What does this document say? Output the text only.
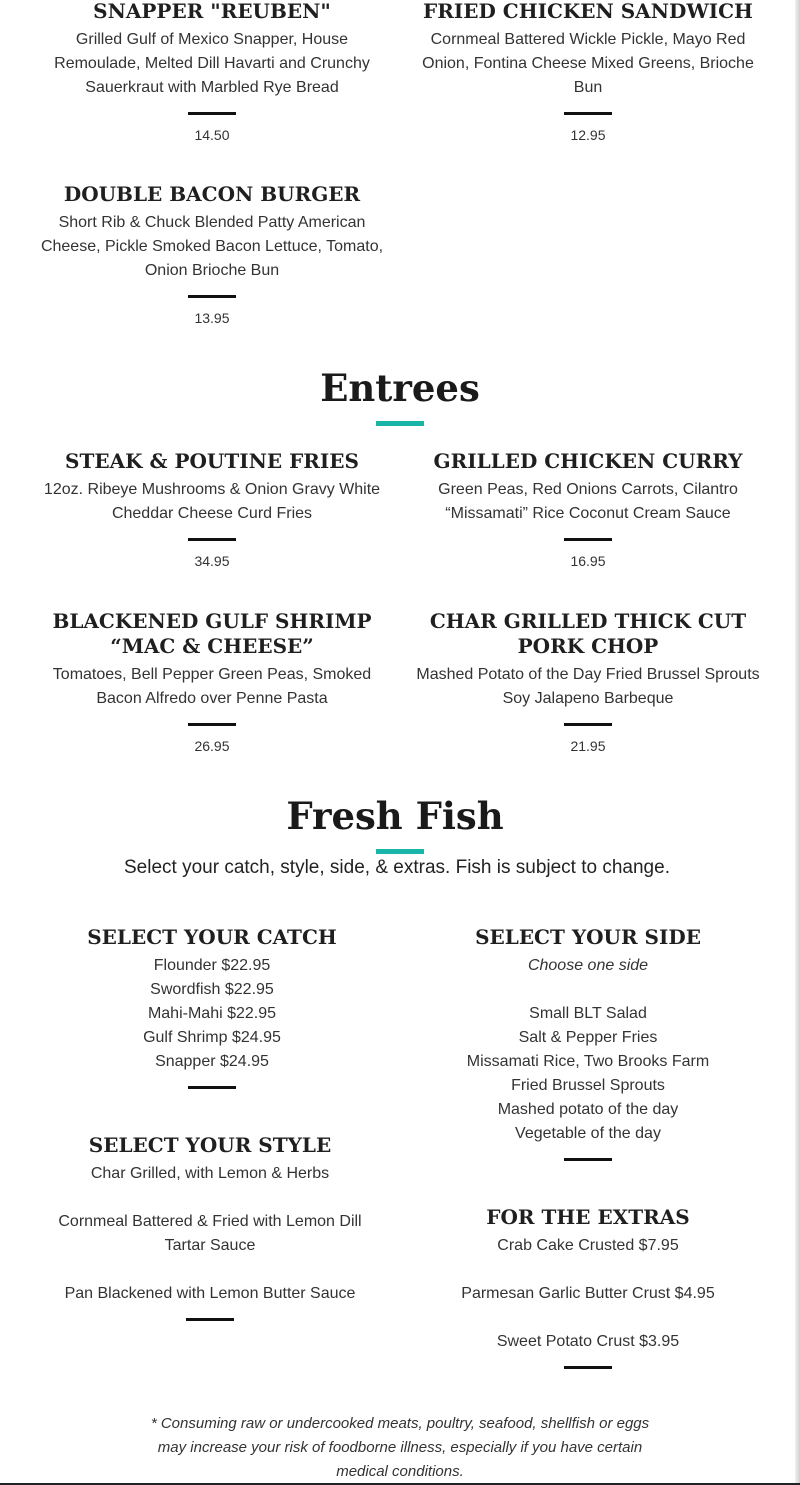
SNAPPER "REUBEN"

Grilled Gulf of Mexico Snapper, House Remoulade, Melted Dill Havarti and Crunchy Sauerkraut with Marbled Rye Bread

14.50
FRIED CHICKEN SANDWICH

Cornmeal Battered Wickle Pickle, Mayo Red Onion, Fontina Cheese Mixed Greens, Brioche Bun

12.95
DOUBLE BACON BURGER

Short Rib & Chuck Blended Patty American Cheese, Pickle Smoked Bacon Lettuce, Tomato, Onion Brioche Bun

13.95
Entrees
STEAK & POUTINE FRIES

12oz. Ribeye Mushrooms & Onion Gravy White Cheddar Cheese Curd Fries

34.95
GRILLED CHICKEN CURRY

Green Peas, Red Onions Carrots, Cilantro “Missamati” Rice Coconut Cream Sauce

16.95
BLACKENED GULF SHRIMP “MAC & CHEESE”

Tomatoes, Bell Pepper Green Peas, Smoked Bacon Alfredo over Penne Pasta

26.95
CHAR GRILLED THICK CUT PORK CHOP

Mashed Potato of the Day Fried Brussel Sprouts Soy Jalapeno Barbeque

21.95
Fresh Fish
Select your catch, style, side, & extras. Fish is subject to change.
SELECT YOUR CATCH

Flounder $22.95

Swordfish $22.95

Mahi-Mahi $22.95

Gulf Shrimp $24.95

Snapper $24.95

SELECT YOUR STYLE

Char Grilled, with Lemon & Herbs

Cornmeal Battered & Fried with Lemon Dill Tartar Sauce

Pan Blackened with Lemon Butter Sauce

SELECT YOUR SIDE

Choose one side

Small BLT Salad

Salt & Pepper Fries

Missamati Rice, Two Brooks Farm

Fried Brussel Sprouts

Mashed potato of the day

Vegetable of the day

FOR THE EXTRAS

Crab Cake Crusted $7.95

Parmesan Garlic Butter Crust $4.95

Sweet Potato Crust $3.95

* Consuming raw or undercooked meats, poultry, seafood, shellfish or eggs may increase your risk of foodborne illness, especially if you have certain medical conditions.
